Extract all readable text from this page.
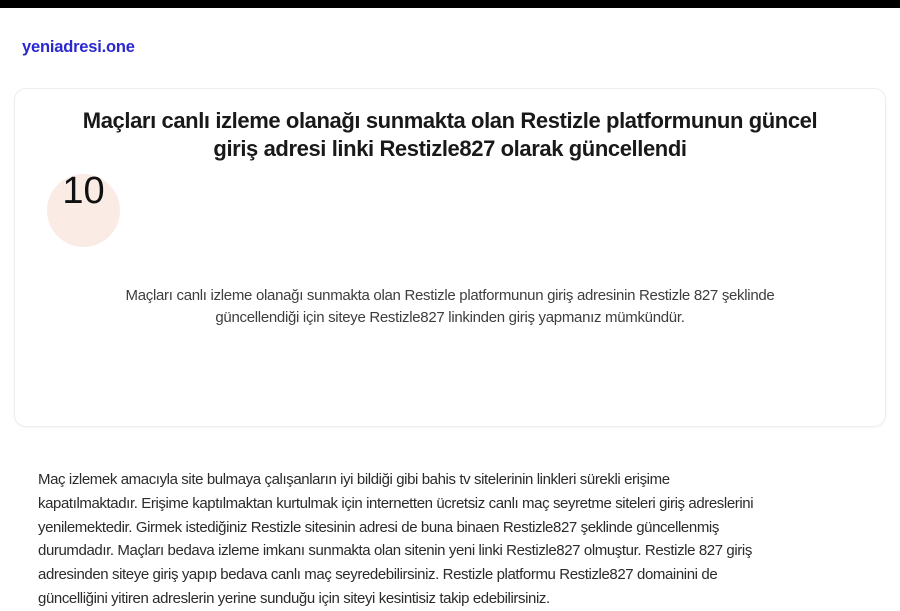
yeniadresi.one
Maçları canlı izleme olanağı sunmakta olan Restizle platformunun güncel
giriş adresi linki Restizle827 olarak güncellendi
10

Maçları canlı izleme olanağı sunmakta olan Restizle platformunun giriş adresinin Restizle 827 şeklinde
güncellendiği için siteye Restizle827 linkinden giriş yapmanız mümkündür.

Maç izlemek amacıyla site bulmaya çalışanların iyi bildiği gibi bahis tv sitelerinin linkleri sürekli erişime
kapatılmaktadır. Erişime kaptılmaktan kurtulmak için internetten ücretsiz canlı maç seyretme siteleri giriş adreslerini
yenilemektedir. Girmek istediğiniz Restizle sitesinin adresi de buna binaen Restizle827 şeklinde güncellenmiş
durumdadır. Maçları bedava izleme imkanı sunmakta olan sitenin yeni linki Restizle827 olmuştur. Restizle 827 giriş
adresinden siteye giriş yapıp bedava canlı maç seyredebilirsiniz. Restizle platformu Restizle827 domainini de
güncelliğini yitiren adreslerin yerine sunduğu için siteyi kesintisiz takip edebilirsiniz.
